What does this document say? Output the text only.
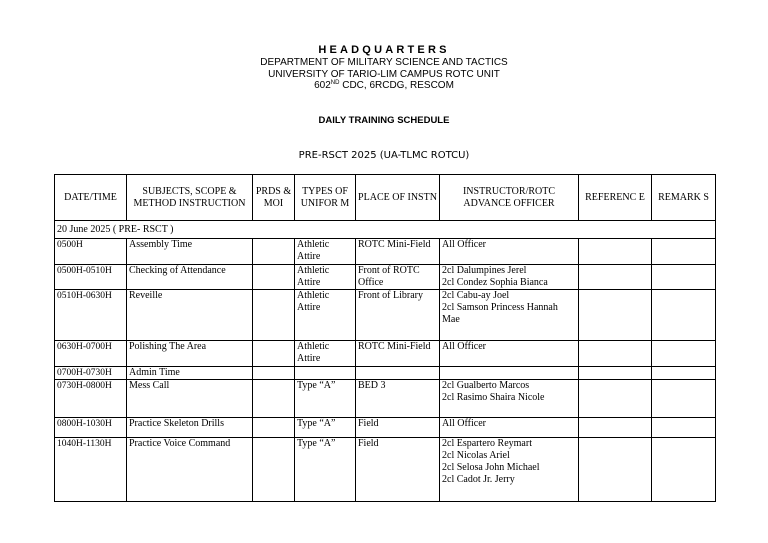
HEADQUARTERS
DEPARTMENT OF MILITARY SCIENCE AND TACTICS
UNIVERSITY OF TARIO-LIM CAMPUS ROTC UNIT
602ND CDC, 6RCDG, RESCOM
DAILY TRAINING SCHEDULE
PRE-RSCT 2025 (UA-TLMC ROTCU)
DATE/TIME	SUBJECTS, SCOPE & METHOD INSTRUCTION	PRDS & MOI	TYPES OF UNIFOR M	PLACE OF INSTN	INSTRUCTOR/ROTC ADVANCE OFFICER	REFERENC E	REMARK S
20 June 2025 ( PRE- RSCT )							
0500H	Assembly Time		Athletic Attire	ROTC Mini-Field	All Officer		

0500H-0510H	Checking of Attendance		Athletic Attire	Front of ROTC Office	2cl Dalumpines Jerel
2cl Condez Sophia Bianca		

0510H-0630H	Reveille		Athletic Attire	Front of Library	2cl Cabu-ay Joel
2cl Samson Princess Hannah Mae		

0630H-0700H	Polishing The Area		Athletic Attire	ROTC Mini-Field	All Officer		

0700H-0730H	Admin Time						
0730H-0800H	Mess Call		Type “A”	BED 3	2cl Gualberto Marcos
2cl Rasimo Shaira Nicole		

0800H-1030H	Practice Skeleton Drills		Type “A”	Field	All Officer		

1040H-1130H	Practice Voice Command		Type “A”	Field	2cl Espartero Reymart
2cl Nicolas Ariel
2cl Selosa John Michael
2cl Cadot Jr. Jerry		
